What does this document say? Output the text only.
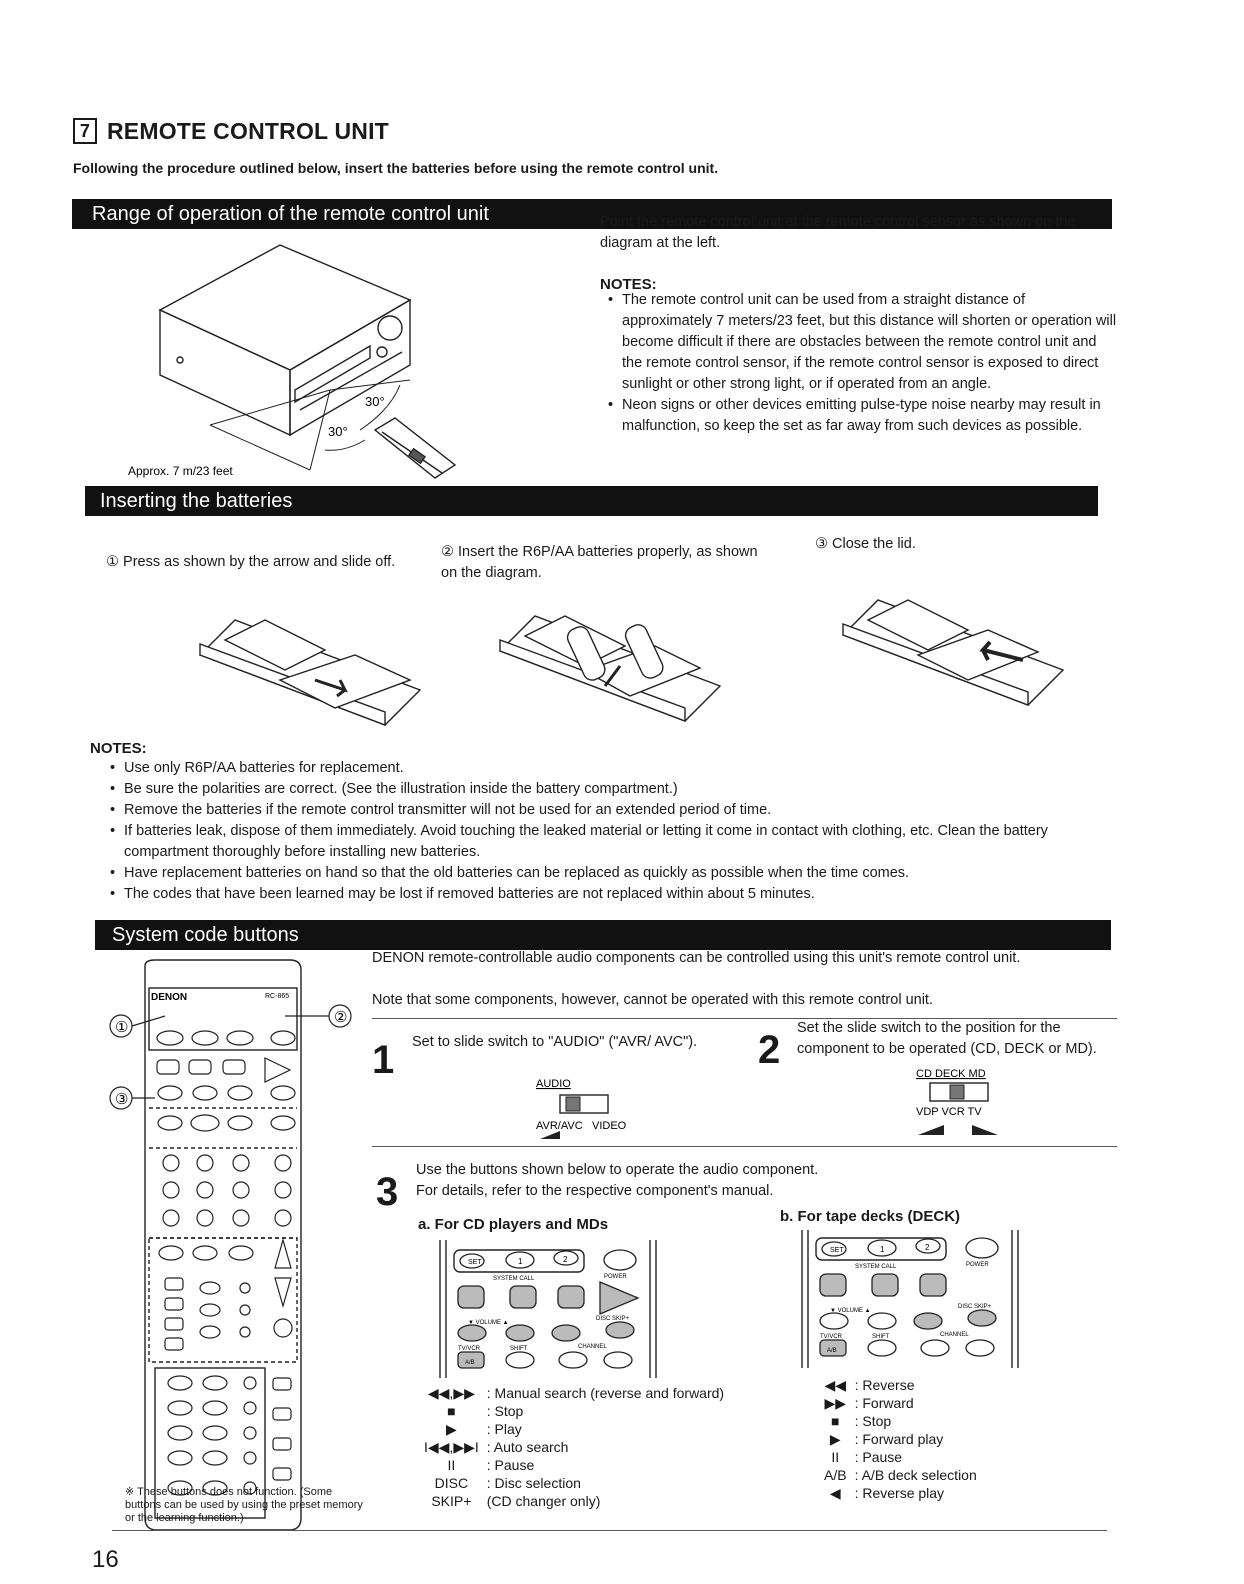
7 REMOTE CONTROL UNIT
Following the procedure outlined below, insert the batteries before using the remote control unit.
Range of operation of the remote control unit
30°
30°
Approx. 7 m/23 feet
Point the remote control unit at the remote control sensor as shown on the diagram at the left.
NOTES:
• The remote control unit can be used from a straight distance of approximately 7 meters/23 feet, but this distance will shorten or operation will become difficult if there are obstacles between the remote control unit and the remote control sensor, if the remote control sensor is exposed to direct sunlight or other strong light, or if operated from an angle.
• Neon signs or other devices emitting pulse-type noise nearby may result in malfunction, so keep the set as far away from such devices as possible.
Inserting the batteries
① Press as shown by the arrow and slide off.
② Insert the R6P/AA batteries properly, as shown on the diagram.
③ Close the lid.
NOTES:
• Use only R6P/AA batteries for replacement.
• Be sure the polarities are correct. (See the illustration inside the battery compartment.)
• Remove the batteries if the remote control transmitter will not be used for an extended period of time.
• If batteries leak, dispose of them immediately. Avoid touching the leaked material or letting it come in contact with clothing, etc. Clean the battery compartment thoroughly before installing new batteries.
• Have replacement batteries on hand so that the old batteries can be replaced as quickly as possible when the time comes.
• The codes that have been learned may be lost if removed batteries are not replaced within about 5 minutes.
System code buttons
DENON	RC-865
①
②
③
※ These buttons does not function. (Some buttons can be used by using the preset memory or the learning function.)
DENON remote-controllable audio components can be controlled using this unit's remote control unit.
Note that some components, however, cannot be operated with this remote control unit.
1 Set to slide switch to "AUDIO" ("AVR/ AVC").
AUDIO
AVR/AVC VIDEO
2 Set the slide switch to the position for the component to be operated (CD, DECK or MD).
CD DECK MD
VDP VCR TV
3 Use the buttons shown below to operate the audio component.
For details, refer to the respective component's manual.
a. For CD players and MDs	b. For tape decks (DECK)
SET	1	2
SYSTEM CALL	POWER
▼ VOLUME ▲
DISC SKIP+
TV/VCR
A/B
SHIFT	CHANNEL
SET	1	2
SYSTEM CALL	POWER
▼ VOLUME ▲
DISC SKIP+
TV/VCR
A/B
SHIFT	CHANNEL
◀◀,▶▶	: Manual search (reverse and forward)
■	: Stop
▶	: Play
I◀◀,▶▶I	: Auto search
II	: Pause
DISC	: Disc selection
SKIP+	(CD changer only)
◀◀	: Reverse
▶▶	: Forward
■	: Stop
▶	: Forward play
II	: Pause
A/B	: A/B deck selection
◀	: Reverse play
16
